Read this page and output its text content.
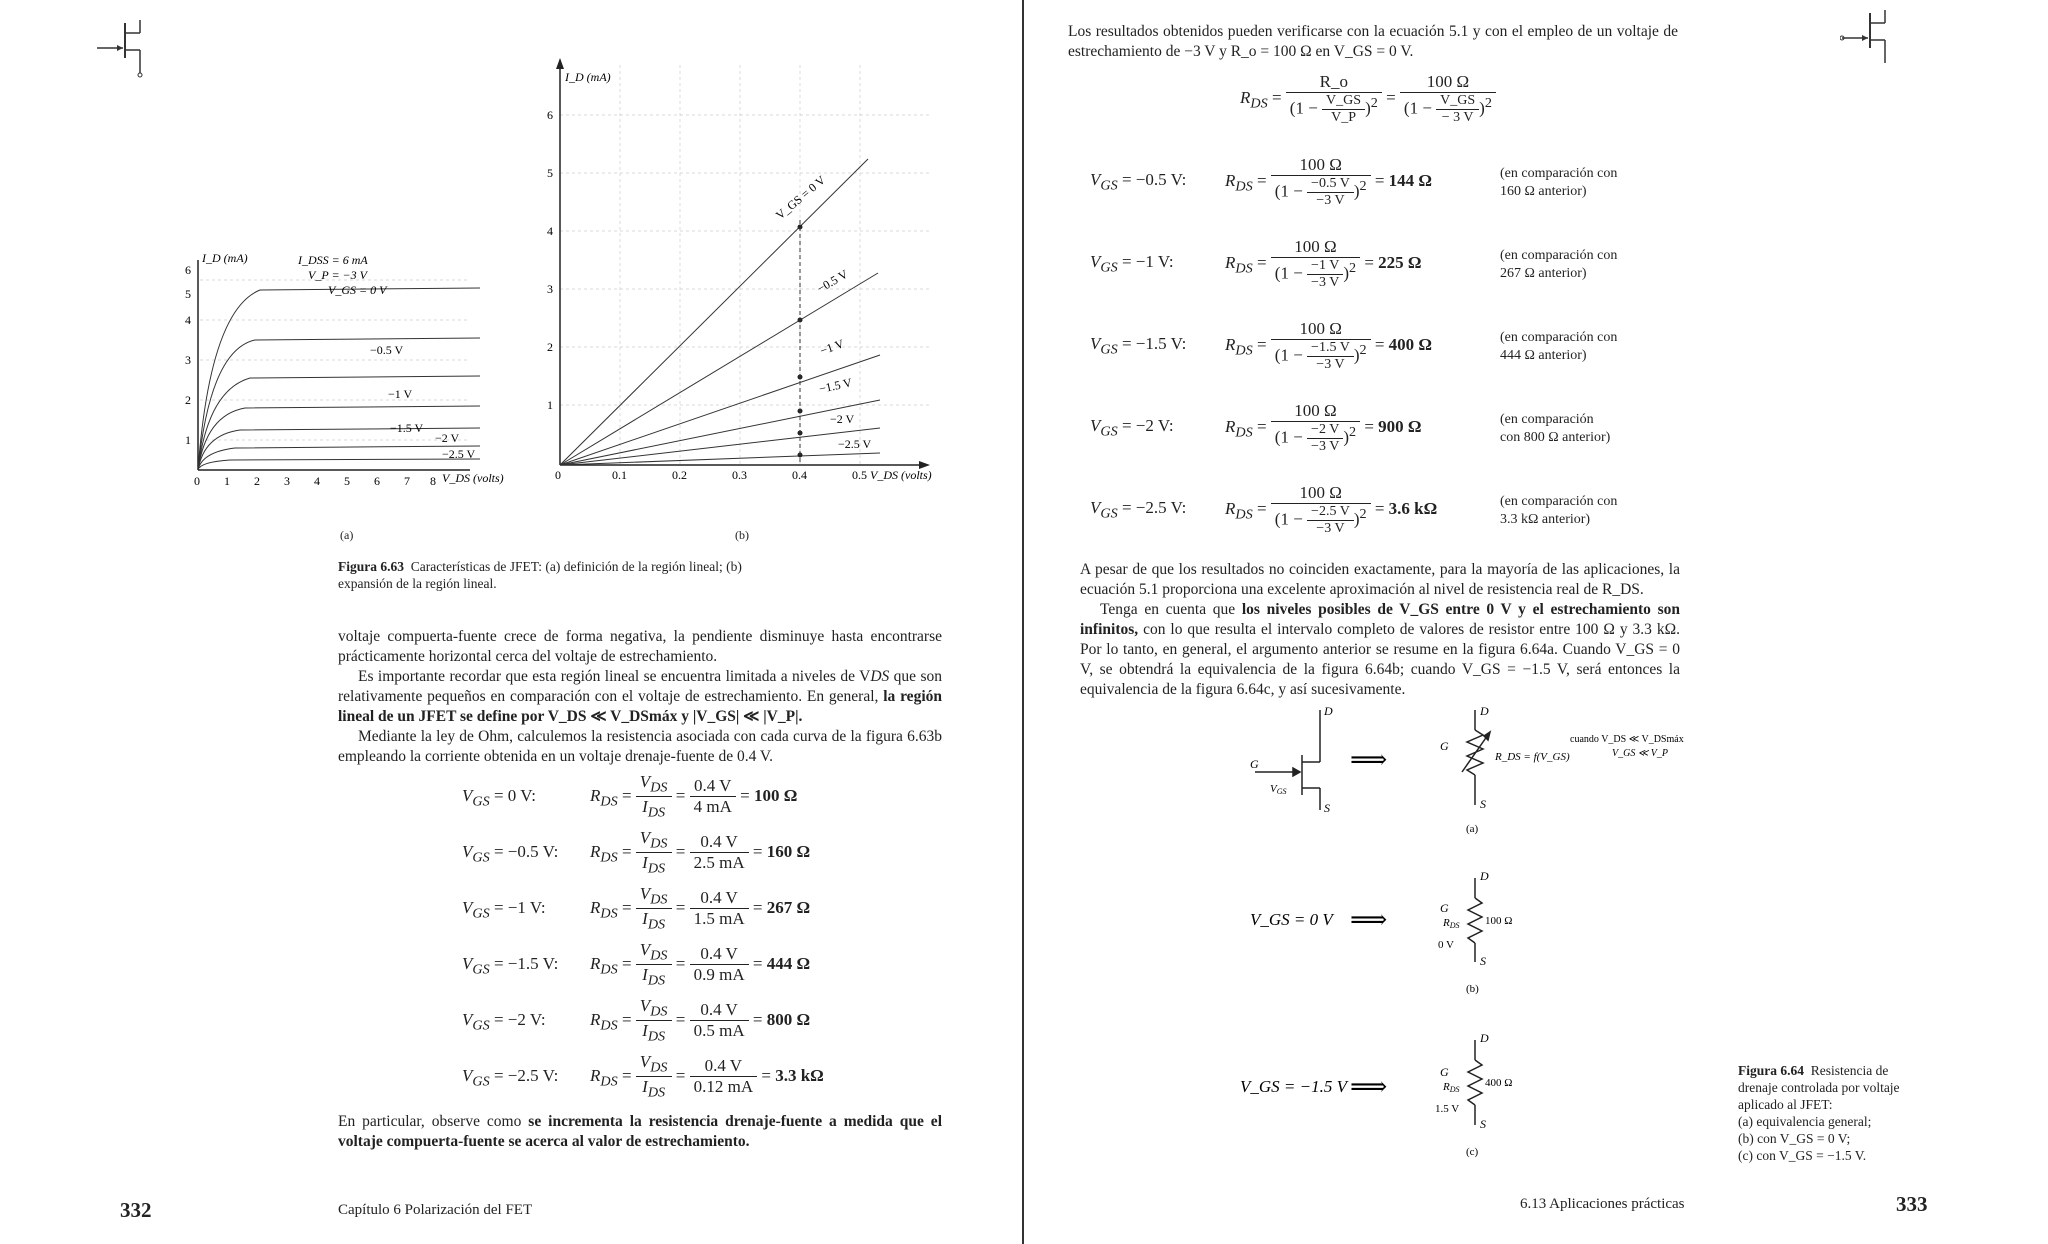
I_D (mA)	I_DSS = 6 mA
V_P = −3 V
V_GS = 0 V
−0.5 V
−1 V
−1.5 V
−2 V
−2.5 V
V_DS (volts)
0 1 2 3 4 5 6 7 8
1
2
3
4
5
6
(a)
I_D (mA)
V_GS = 0 V
−0.5 V
−1 V
−1.5 V
−2 V
−2.5 V
V_DS (volts)
0	0.1	0.2	0.3	0.4	0.5
1
2
3
4
5
6
(b)
Figura 6.63 Características de JFET: (a) definición de la región lineal; (b) expansión de la región lineal.
voltaje compuerta-fuente crece de forma negativa, la pendiente disminuye hasta encontrarse prácticamente horizontal cerca del voltaje de estrechamiento.
Es importante recordar que esta región lineal se encuentra limitada a niveles de VDS que son relativamente pequeños en comparación con el voltaje de estrechamiento. En general, la región lineal de un JFET se define por V_DS ≪ V_DSmáx y |V_GS| ≪ |V_P|.
Mediante la ley de Ohm, calculemos la resistencia asociada con cada curva de la figura 6.63b empleando la corriente obtenida en un voltaje drenaje-fuente de 0.4 V.
$V_{GS} = 0$ V:	$R_{DS} = \frac{V_{DS}}{I_{DS}} = \frac{0.4 V}{4 mA} = 100$ Ω
$V_{GS} = -0.5$ V: $R_{DS} = \frac{V_{DS}}{I_{DS}} = \frac{0.4 V}{2.5 mA} = 160$ Ω
$V_{GS} = -1$ V:	$R_{DS} = \frac{V_{DS}}{I_{DS}} = \frac{0.4 V}{1.5 mA} = 267$ Ω
$V_{GS} = -1.5$ V: $R_{DS} = \frac{V_{DS}}{I_{DS}} = \frac{0.4 V}{0.9 mA} = 444$ Ω
$V_{GS} = -2$ V:	$R_{DS} = \frac{V_{DS}}{I_{DS}} = \frac{0.4 V}{0.5 mA} = 800$ Ω
$V_{GS} = -2.5$ V: $R_{DS} = \frac{V_{DS}}{I_{DS}} = \frac{0.4 V}{0.12 mA} = 3.3$ kΩ
En particular, observe como se incrementa la resistencia drenaje-fuente a medida que el voltaje compuerta-fuente se acerca al valor de estrechamiento.
332	Capítulo 6 Polarización del FET
Los resultados obtenidos pueden verificarse con la ecuación 5.1 y con el empleo de un voltaje de estrechamiento de −3 V y R_o = 100 Ω en V_GS = 0 V.
$R_{DS} = \frac{R\_o}{(1 - \frac{V\_GS}{V\_P} )^2} = \frac{100 \Omega}{(1 - \frac{V\_GS}{- 3 V} )^2}$
$V_{GS} = -0.5$ V: $R_{DS} = \frac{100 \Omega}{(1 - \frac{-0.5 V}{-3 V} )^2} = 144$ Ω	(en comparación con
160 Ω anterior)
$V_{GS} = -1$ V:	$R_{DS} = \frac{100 \Omega}{(1 - \frac{-1 V}{-3 V} )^2} = 225$ Ω	(en comparación con
267 Ω anterior)
$V_{GS} = -1.5$ V: $R_{DS} = \frac{100 \Omega}{(1 - \frac{-1.5 V}{-3 V} )^2} = 400$ Ω	(en comparación con
444 Ω anterior)
$V_{GS} = -2$ V:	$R_{DS} = \frac{100 \Omega}{(1 - \frac{-2 V}{-3 V} )^2} = 900$ Ω	(en comparación
con 800 Ω anterior)
$V_{GS} = -2.5$ V: $R_{DS} = \frac{100 \Omega}{(1 - \frac{-2.5 V}{-3 V} )^2} = 3.6$ kΩ	(en comparación con
3.3 kΩ anterior)
A pesar de que los resultados no coinciden exactamente, para la mayoría de las aplicaciones, la ecuación 5.1 proporciona una excelente aproximación al nivel de resistencia real de R_DS.
Tenga en cuenta que los niveles posibles de V_GS entre 0 V y el estrechamiento son infinitos, con lo que resulta el intervalo completo de valores de resistor entre 100 Ω y 3.3 kΩ. Por lo tanto, en general, el argumento anterior se resume en la figura 6.64a. Cuando V_GS = 0 V, se obtendrá la equivalencia de la figura 6.64b; cuando V_GS = −1.5 V, será entonces la equivalencia de la figura 6.64c, y así sucesivamente.
D
S
G
VGS
⟹
D
S
G
R_DS = f(V_GS)
cuando V_DS ≪ V_DSmáx
V_GS ≪ V_P
(a)
V_GS = 0 V ⟹
D
S
G
RDS 100 Ω
0 V
(b)
V_GS = −1.5 V ⟹
D
S
G
RDS
400 Ω
1.5 V
(c)
Figura 6.64 Resistencia de
drenaje controlada por voltaje
aplicado al JFET:
(a) equivalencia general;
(b) con V_GS = 0 V;
(c) con V_GS = −1.5 V.
6.13 Aplicaciones prácticas	333
